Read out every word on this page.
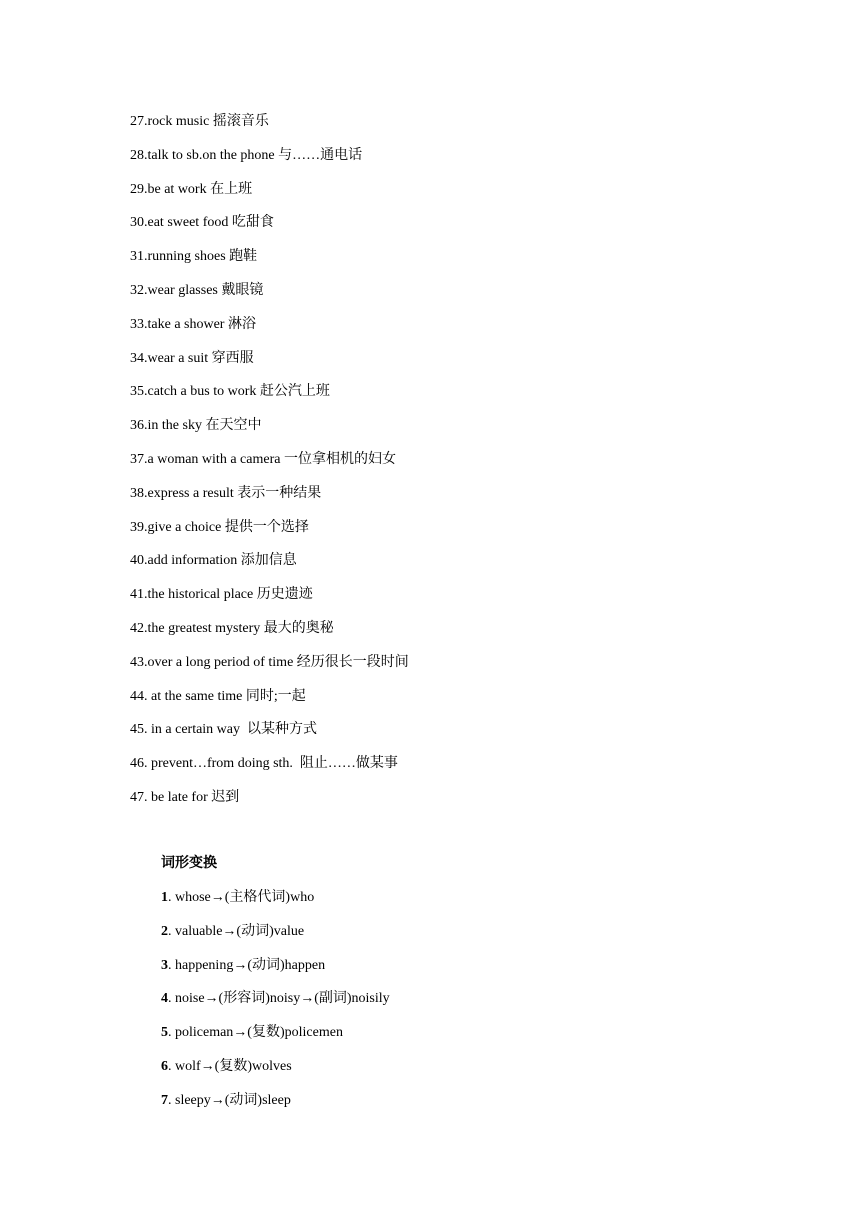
27.rock music 摇滚音乐
28.talk to sb.on the phone 与……通电话
29.be at work 在上班
30.eat sweet food 吃甜食
31.running shoes 跑鞋
32.wear glasses 戴眼镜
33.take a shower 淋浴
34.wear a suit 穿西服
35.catch a bus to work 赶公汽上班
36.in the sky 在天空中
37.a woman with a camera 一位拿相机的妇女
38.express a result 表示一种结果
39.give a choice 提供一个选择
40.add information 添加信息
41.the historical place 历史遗迹
42.the greatest mystery 最大的奥秘
43.over a long period of time 经历很长一段时间
44. at the same time 同时;一起
45. in a certain way  以某种方式
46. prevent…from doing sth.  阻止……做某事
47. be late for 迟到
词形变换
1. whose→(主格代词)who
2. valuable→(动词)value
3. happening→(动词)happen
4. noise→(形容词)noisy→(副词)noisily
5. policeman→(复数)policemen
6. wolf→(复数)wolves
7. sleepy→(动词)sleep
